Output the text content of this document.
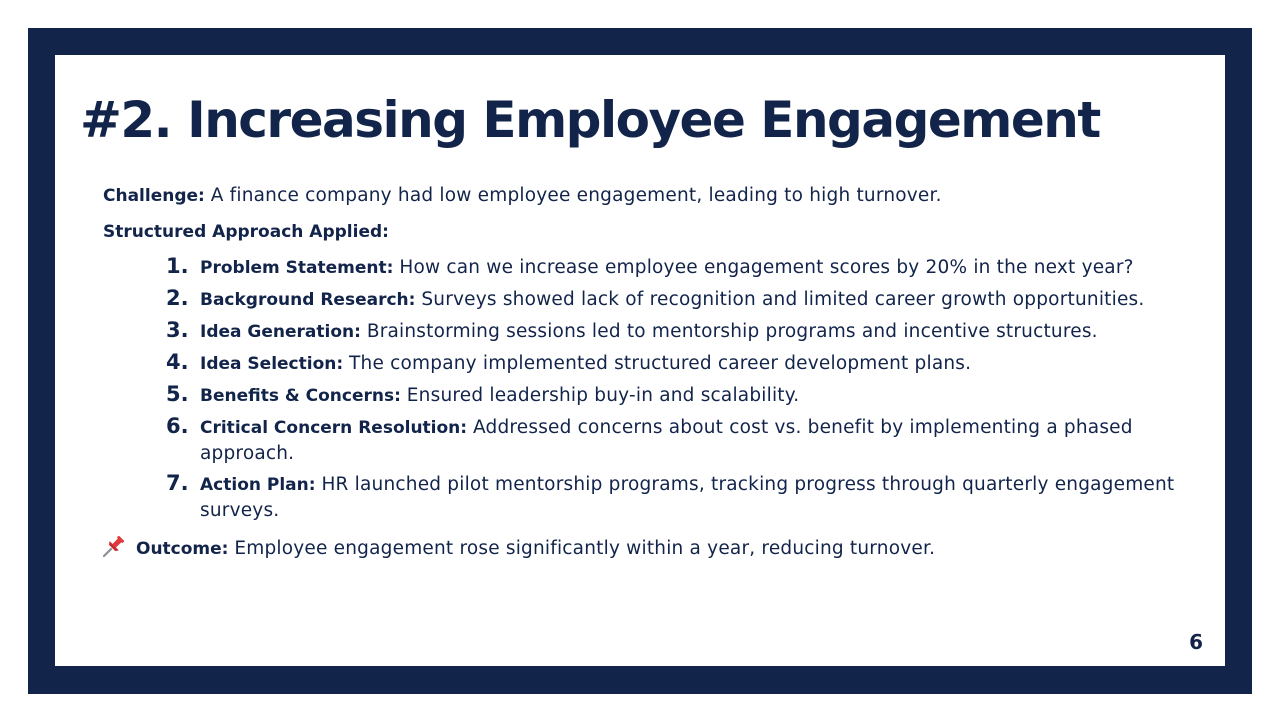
#2. Increasing Employee Engagement
Challenge: A finance company had low employee engagement, leading to high turnover.
Structured Approach Applied:
1. Problem Statement: How can we increase employee engagement scores by 20% in the next year?
2. Background Research: Surveys showed lack of recognition and limited career growth opportunities.
3. Idea Generation: Brainstorming sessions led to mentorship programs and incentive structures.
4. Idea Selection: The company implemented structured career development plans.
5. Benefits & Concerns: Ensured leadership buy-in and scalability.
6. Critical Concern Resolution: Addressed concerns about cost vs. benefit by implementing a phased approach.
7. Action Plan: HR launched pilot mentorship programs, tracking progress through quarterly engagement surveys.
Outcome: Employee engagement rose significantly within a year, reducing turnover.
6
